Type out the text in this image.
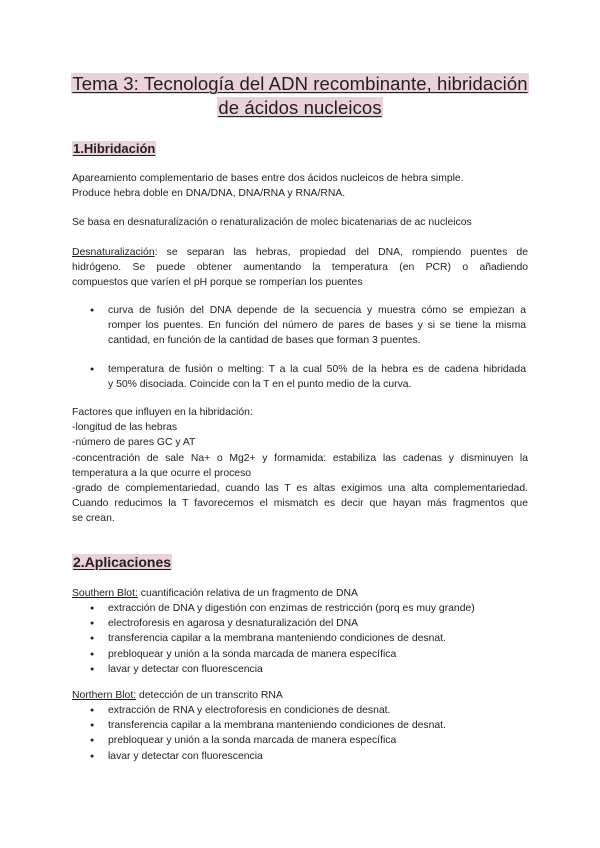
Tema 3: Tecnología del ADN recombinante, hibridación
de ácidos nucleicos
1.Hibridación
Apareamiento complementario de bases entre dos ácidos nucleicos de hebra simple.
Produce hebra doble en DNA/DNA, DNA/RNA y RNA/RNA.
Se basa en desnaturalización o renaturalización de molec bicatenarias de ac nucleicos
Desnaturalización: se separan las hebras, propiedad del DNA, rompiendo puentes de
hidrógeno. Se puede obtener aumentando la temperatura (en PCR) o añadiendo
compuestos que varíen el pH porque se romperían los puentes
● curva de fusión del DNA depende de la secuencia y muestra cómo se empiezan a
romper los puentes. En función del número de pares de bases y si se tiene la misma
cantidad, en función de la cantidad de bases que forman 3 puentes.
● temperatura de fusión o melting: T a la cual 50% de la hebra es de cadena hibridada
y 50% disociada. Coincide con la T en el punto medio de la curva.
Factores que influyen en la hibridación:
-longitud de las hebras
-número de pares GC y AT
-concentración de sale Na+ o Mg2+ y formamida: estabiliza las cadenas y disminuyen la
temperatura a la que ocurre el proceso
-grado de complementariedad, cuando las T es altas exigimos una alta complementariedad.
Cuando reducimos la T favorecemos el mismatch es decir que hayan más fragmentos que
se crean.
2.Aplicaciones
Southern Blot: cuantificación relativa de un fragmento de DNA
● extracción de DNA y digestión con enzimas de restricción (porq es muy grande)
● electroforesis en agarosa y desnaturalización del DNA
● transferencia capilar a la membrana manteniendo condiciones de desnat.
● prebloquear y unión a la sonda marcada de manera específica
● lavar y detectar con fluorescencia
Northern Blot: detección de un transcrito RNA
● extracción de RNA y electroforesis en condiciones de desnat.
● transferencia capilar a la membrana manteniendo condiciones de desnat.
● prebloquear y unión a la sonda marcada de manera específica
● lavar y detectar con fluorescencia
